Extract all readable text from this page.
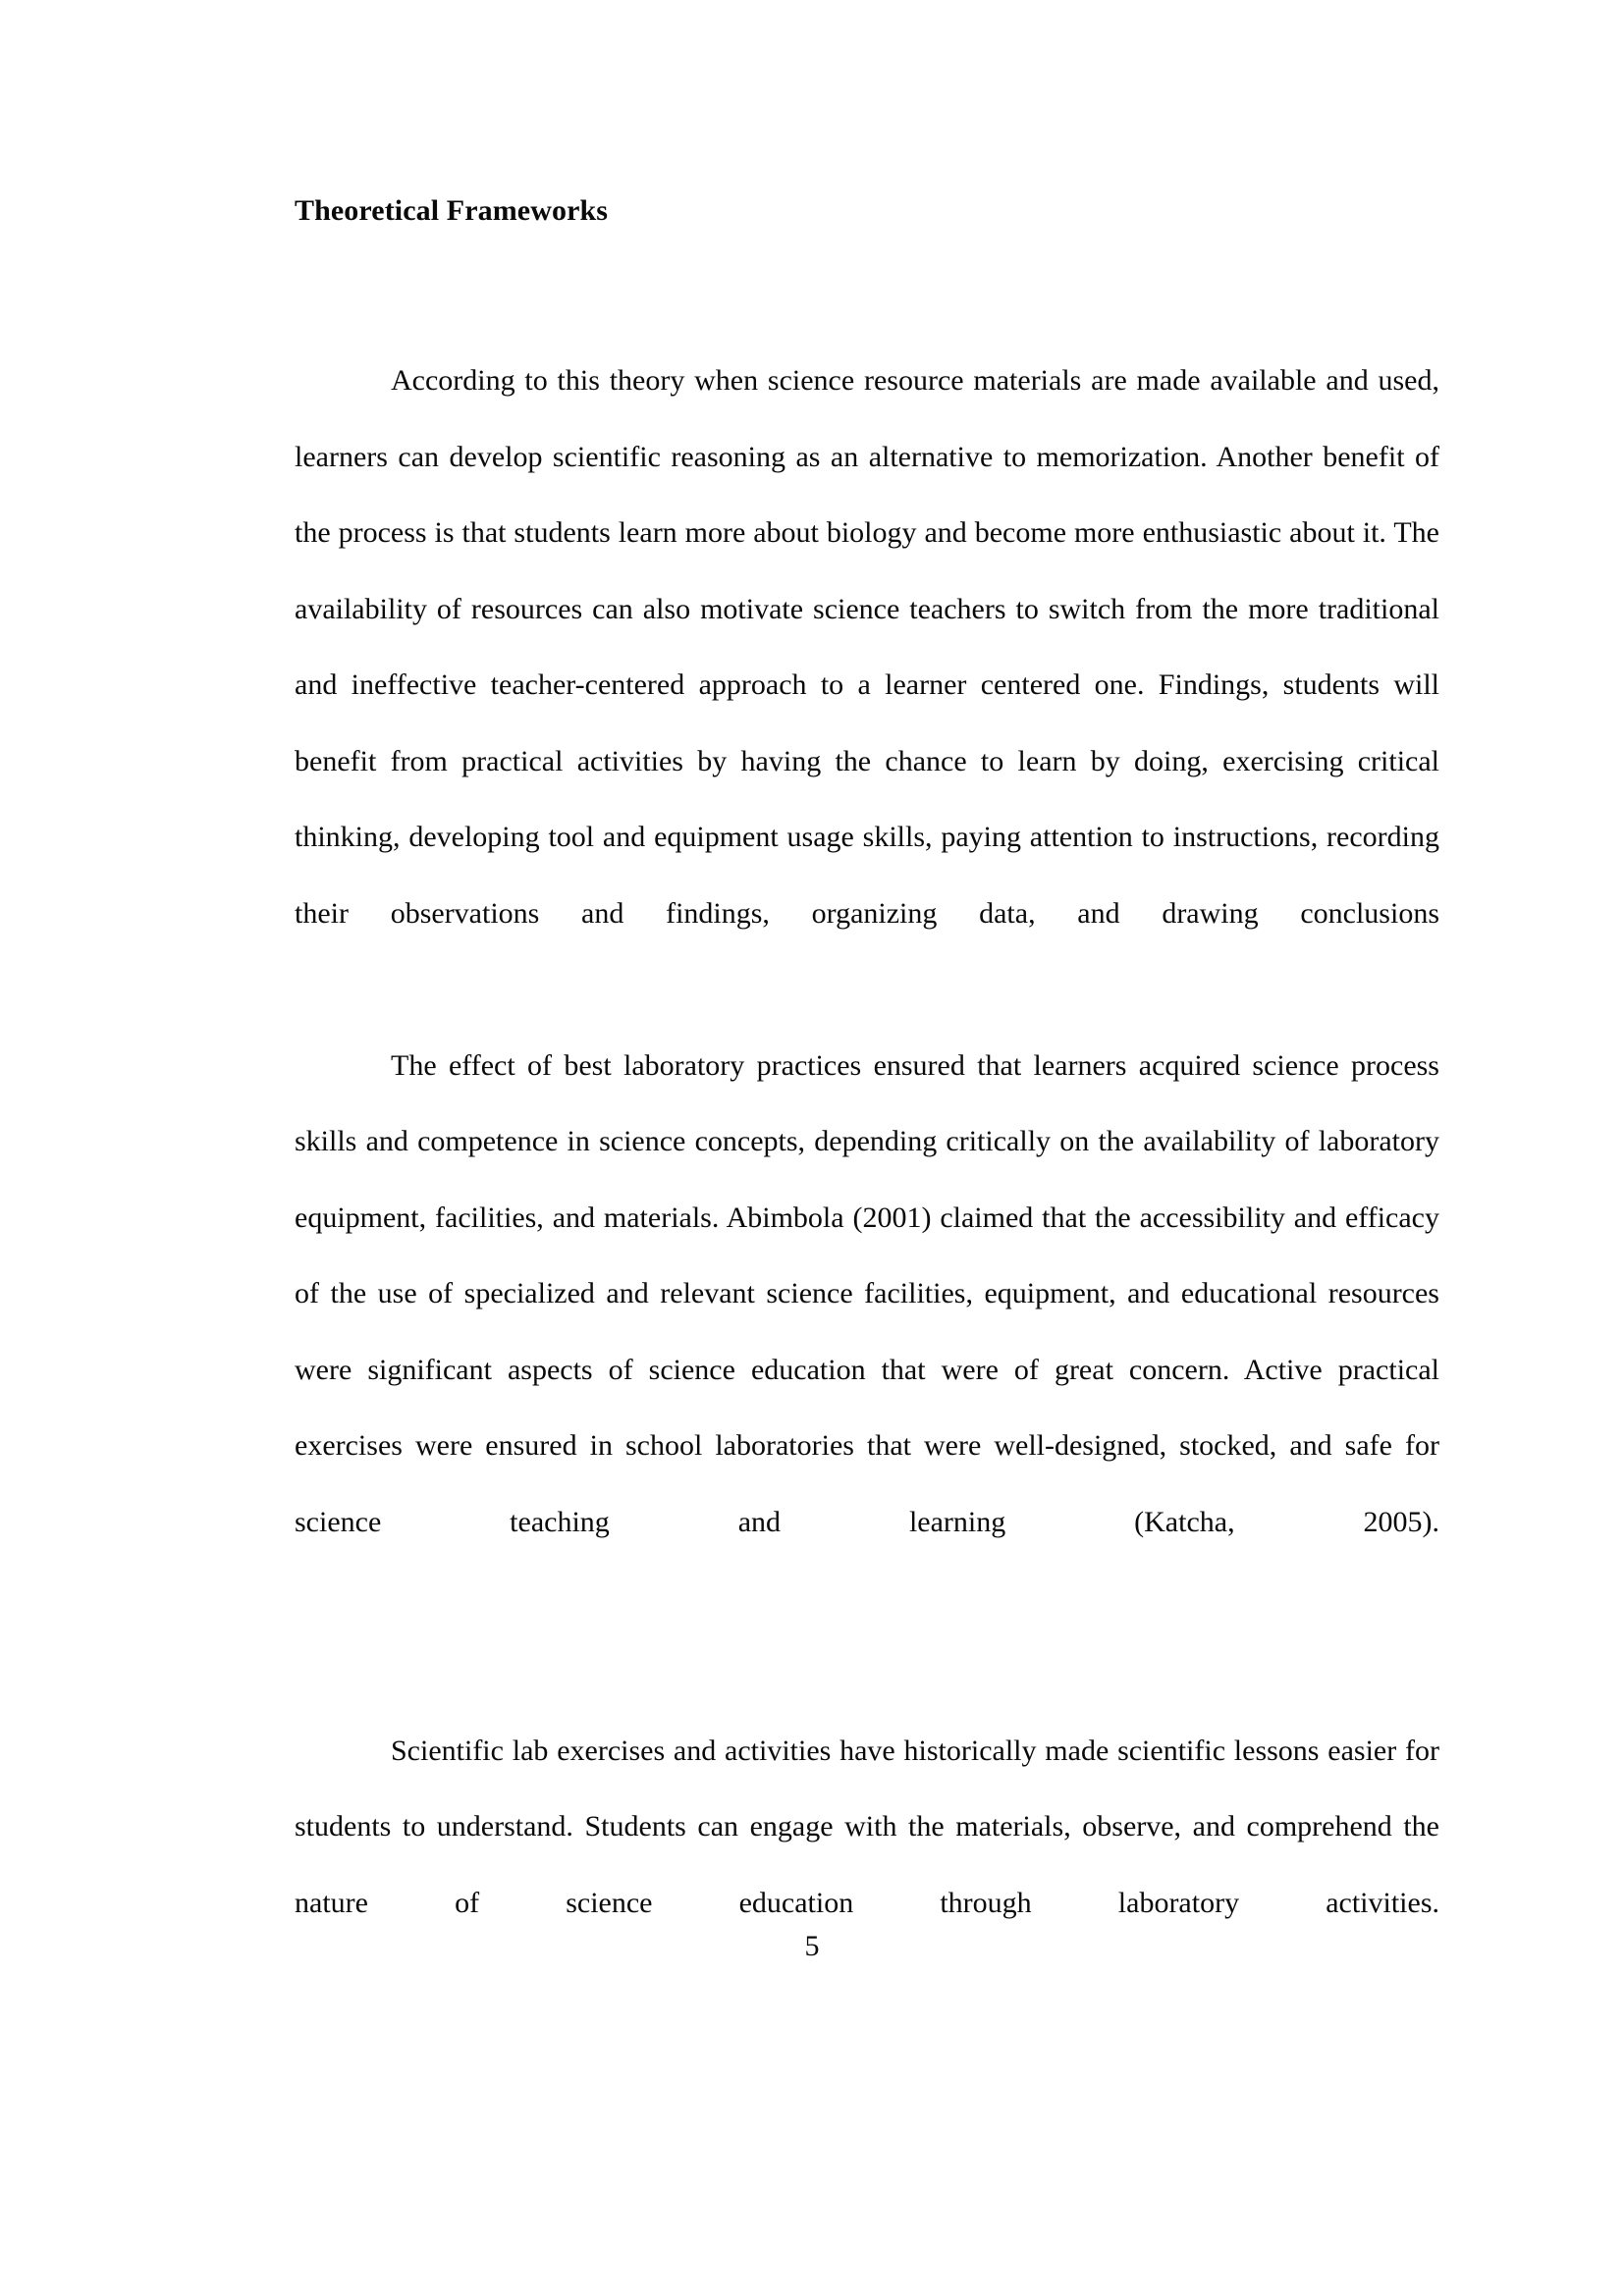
Theoretical Frameworks

According to this theory when science resource materials are made available and used, learners can develop scientific reasoning as an alternative to memorization. Another benefit of the process is that students learn more about biology and become more enthusiastic about it. The availability of resources can also motivate science teachers to switch from the more traditional and ineffective teacher-centered approach to a learner centered one. Findings, students will benefit from practical activities by having the chance to learn by doing, exercising critical thinking, developing tool and equipment usage skills, paying attention to instructions, recording their observations and findings, organizing data, and drawing conclusions

The effect of best laboratory practices ensured that learners acquired science process skills and competence in science concepts, depending critically on the availability of laboratory equipment, facilities, and materials. Abimbola (2001) claimed that the accessibility and efficacy of the use of specialized and relevant science facilities, equipment, and educational resources were significant aspects of science education that were of great concern. Active practical exercises were ensured in school laboratories that were well-designed, stocked, and safe for science teaching and learning (Katcha, 2005).

Scientific lab exercises and activities have historically made scientific lessons easier for students to understand. Students can engage with the materials, observe, and comprehend the nature of science education through laboratory activities.

5
